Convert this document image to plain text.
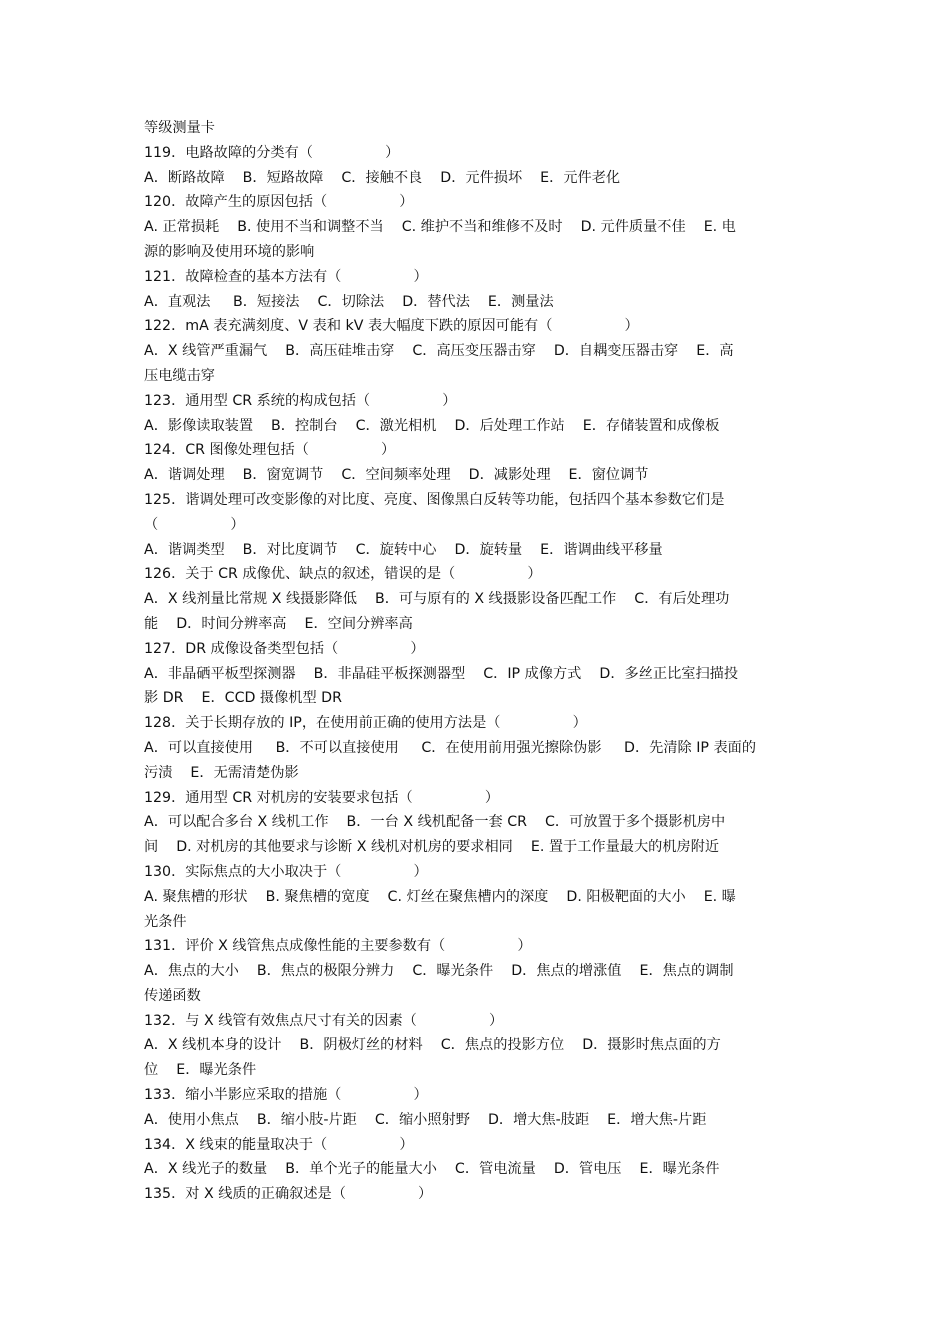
等级测量卡
119．电路故障的分类有（                ）
A．断路故障    B．短路故障    C．接触不良    D．元件损坏    E．元件老化
120．故障产生的原因包括（                ）
A. 正常损耗    B. 使用不当和调整不当    C. 维护不当和维修不及时    D. 元件质量不佳    E. 电
源的影响及使用环境的影响
121．故障检查的基本方法有（                ）
A．直观法     B．短接法    C．切除法    D．替代法    E．测量法
122．mA 表充满刻度、V 表和 kV 表大幅度下跌的原因可能有（                ）
A．X 线管严重漏气    B．高压硅堆击穿    C．高压变压器击穿    D．自耦变压器击穿    E．高
压电缆击穿
123．通用型 CR 系统的构成包括（                ）
A．影像读取装置    B．控制台    C．激光相机    D．后处理工作站    E．存储装置和成像板
124．CR 图像处理包括（                ）
A．谐调处理    B．窗宽调节    C．空间频率处理    D．减影处理    E．窗位调节
125．谐调处理可改变影像的对比度、亮度、图像黑白反转等功能，包括四个基本参数它们是
（                ）
A．谐调类型    B．对比度调节    C．旋转中心    D．旋转量    E．谐调曲线平移量
126．关于 CR 成像优、缺点的叙述，错误的是（                ）
A．X 线剂量比常规 X 线摄影降低    B．可与原有的 X 线摄影设备匹配工作    C．有后处理功
能    D．时间分辨率高    E．空间分辨率高
127．DR 成像设备类型包括（                ）
A．非晶硒平板型探测器    B．非晶硅平板探测器型    C．IP 成像方式    D．多丝正比室扫描投
影 DR    E．CCD 摄像机型 DR
128．关于长期存放的 IP，在使用前正确的使用方法是（                ）
A．可以直接使用     B．不可以直接使用     C．在使用前用强光擦除伪影     D．先清除 IP 表面的
污渍    E．无需清楚伪影
129．通用型 CR 对机房的安装要求包括（                ）
A．可以配合多台 X 线机工作    B．一台 X 线机配备一套 CR    C．可放置于多个摄影机房中
间    D. 对机房的其他要求与诊断 X 线机对机房的要求相同    E. 置于工作量最大的机房附近
130．实际焦点的大小取决于（                ）
A. 聚焦槽的形状    B. 聚焦槽的宽度    C. 灯丝在聚焦槽内的深度    D. 阳极靶面的大小    E. 曝
光条件
131．评价 X 线管焦点成像性能的主要参数有（                ）
A．焦点的大小    B．焦点的极限分辨力    C．曝光条件    D．焦点的增涨值    E．焦点的调制
传递函数
132．与 X 线管有效焦点尺寸有关的因素（                ）
A．X 线机本身的设计    B．阴极灯丝的材料    C．焦点的投影方位    D．摄影时焦点面的方
位    E．曝光条件
133．缩小半影应采取的措施（                ）
A．使用小焦点    B．缩小肢-片距    C．缩小照射野    D．增大焦-肢距    E．增大焦-片距
134．X 线束的能量取决于（                ）
A．X 线光子的数量    B．单个光子的能量大小    C．管电流量    D．管电压    E．曝光条件
135．对 X 线质的正确叙述是（                ）
